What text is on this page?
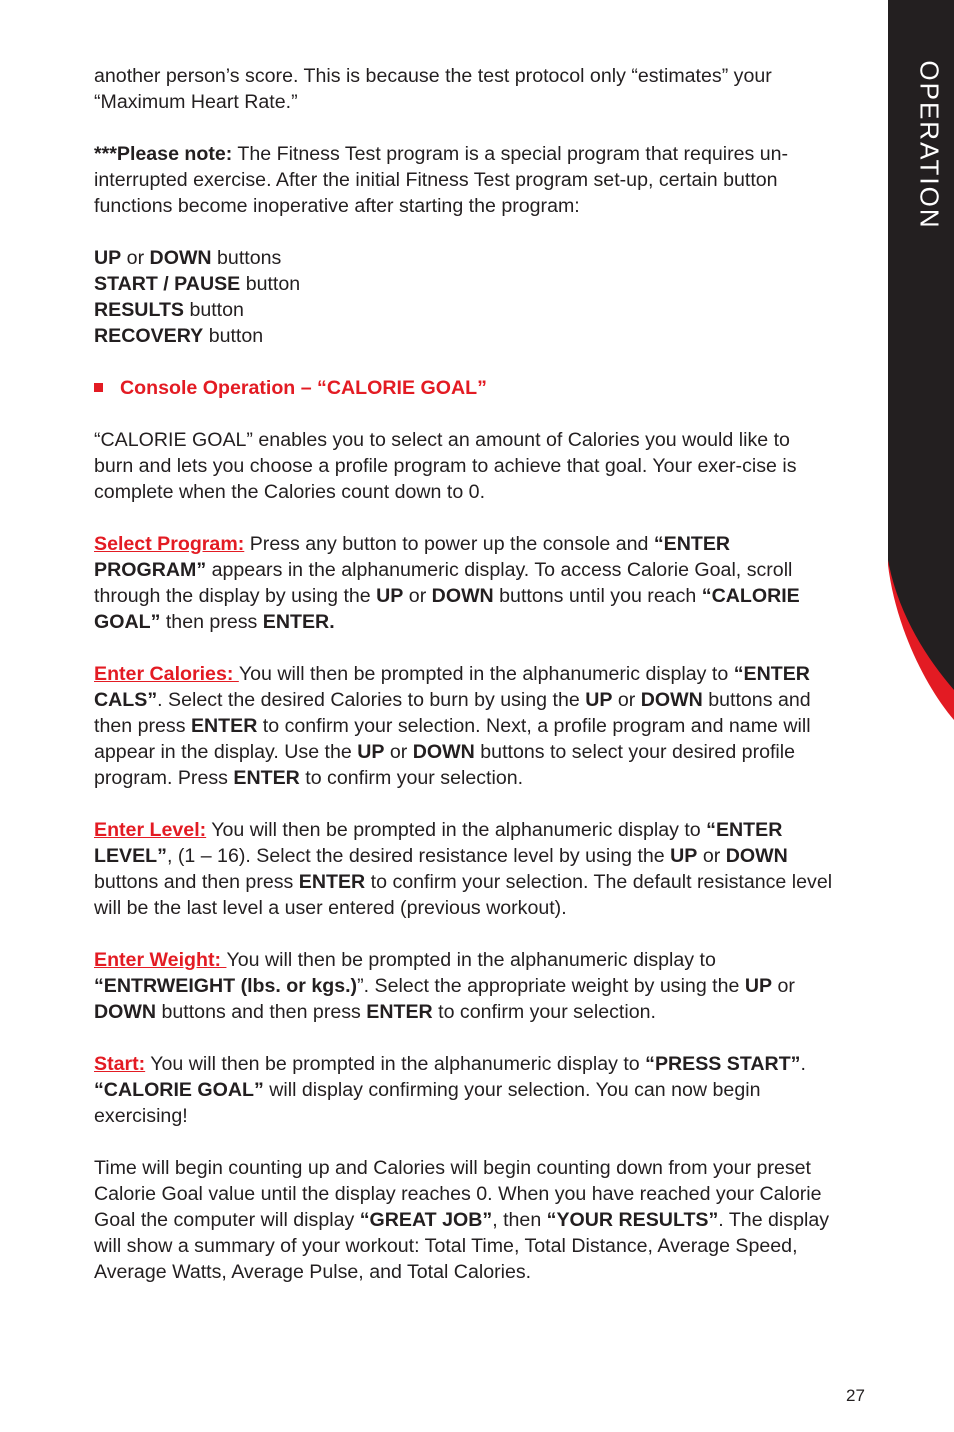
OPERATION

another person’s score. This is because the test protocol only “estimates” your “Maximum Heart Rate.”

***Please note: The Fitness Test program is a special program that requires un-interrupted exercise. After the initial Fitness Test program set-up, certain button functions become inoperative after starting the program:

UP or DOWN buttons

START / PAUSE button

RESULTS button

RECOVERY button

Console Operation – “CALORIE GOAL”

“CALORIE GOAL” enables you to select an amount of Calories you would like to burn and lets you choose a profile program to achieve that goal. Your exer-cise is complete when the Calories count down to 0.

Select Program: Press any button to power up the console and “ENTER PROGRAM” appears in the alphanumeric display. To access Calorie Goal, scroll through the display by using the UP or DOWN buttons until you reach “CALORIE GOAL” then press ENTER.

Enter Calories: You will then be prompted in the alphanumeric display to “ENTER CALS”. Select the desired Calories to burn by using the UP or DOWN buttons and then press ENTER to confirm your selection. Next, a profile program and name will appear in the display. Use the UP or DOWN buttons to select your desired profile program. Press ENTER to confirm your selection.

Enter Level: You will then be prompted in the alphanumeric display to “ENTER LEVEL”, (1 – 16). Select the desired resistance level by using the UP or DOWN buttons and then press ENTER to confirm your selection. The default resistance level will be the last level a user entered (previous workout).

Enter Weight: You will then be prompted in the alphanumeric display to “ENTRWEIGHT (lbs. or kgs.)”. Select the appropriate weight by using the UP or DOWN buttons and then press ENTER to confirm your selection.

Start: You will then be prompted in the alphanumeric display to “PRESS START”. “CALORIE GOAL” will display confirming your selection. You can now begin exercising!

Time will begin counting up and Calories will begin counting down from your preset Calorie Goal value until the display reaches 0. When you have reached your Calorie Goal the computer will display “GREAT JOB”, then “YOUR RESULTS”. The display will show a summary of your workout: Total Time, Total Distance, Average Speed, Average Watts, Average Pulse, and Total Calories.

27
